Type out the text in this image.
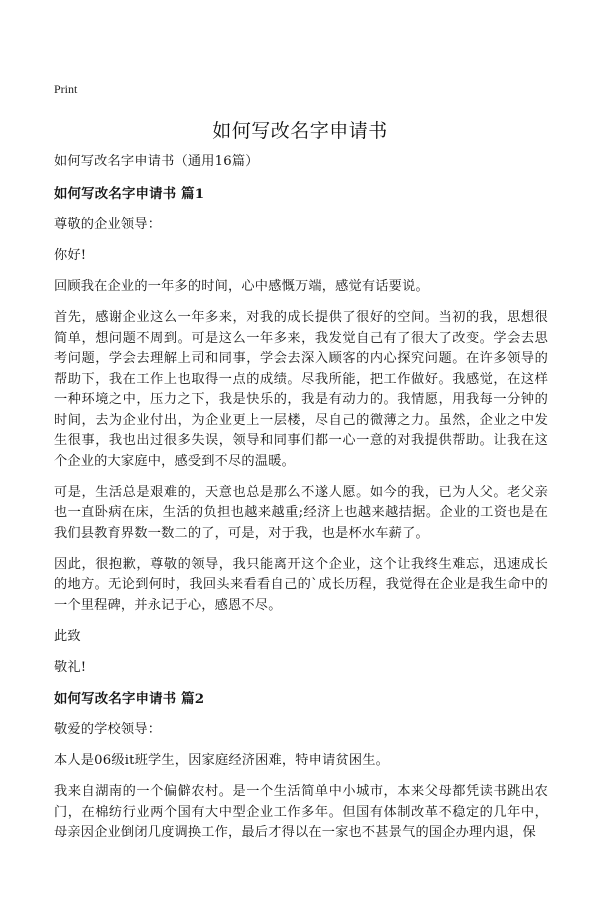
Print
如何写改名字申请书
如何写改名字申请书（通用16篇）
如何写改名字申请书 篇1
尊敬的企业领导：
你好!
回顾我在企业的一年多的时间，心中感慨万端，感觉有话要说。
首先，感谢企业这么一年多来，对我的成长提供了很好的空间。当初的我，思想很简单，想问题不周到。可是这么一年多来，我发觉自己有了很大了改变。学会去思考问题，学会去理解上司和同事，学会去深入顾客的内心探究问题。在许多领导的帮助下，我在工作上也取得一点的成绩。尽我所能，把工作做好。我感觉，在这样一种环境之中，压力之下，我是快乐的，我是有动力的。我情愿，用我每一分钟的时间，去为企业付出，为企业更上一层楼，尽自己的微薄之力。虽然，企业之中发生很事，我也出过很多失误，领导和同事们都一心一意的对我提供帮助。让我在这个企业的大家庭中，感受到不尽的温暖。
可是，生活总是艰难的，天意也总是那么不遂人愿。如今的我，已为人父。老父亲也一直卧病在床，生活的负担也越来越重;经济上也越来越拮据。企业的工资也是在我们县教育界数一数二的了，可是，对于我，也是杯水车薪了。
因此，很抱歉，尊敬的领导，我只能离开这个企业，这个让我终生难忘，迅速成长的地方。无论到何时，我回头来看看自己的`成长历程，我觉得在企业是我生命中的一个里程碑，并永记于心，感恩不尽。
此致
敬礼!
如何写改名字申请书 篇2
敬爱的学校领导：
本人是06级it班学生，因家庭经济困难，特申请贫困生。
我来自湖南的一个偏僻农村。是一个生活简单中小城市，本来父母都凭读书跳出农门，在棉纺行业两个国有大中型企业工作多年。但国有体制改革不稳定的几年中，母亲因企业倒闭几度调换工作，最后才得以在一家也不甚景气的国企办理内退，保
